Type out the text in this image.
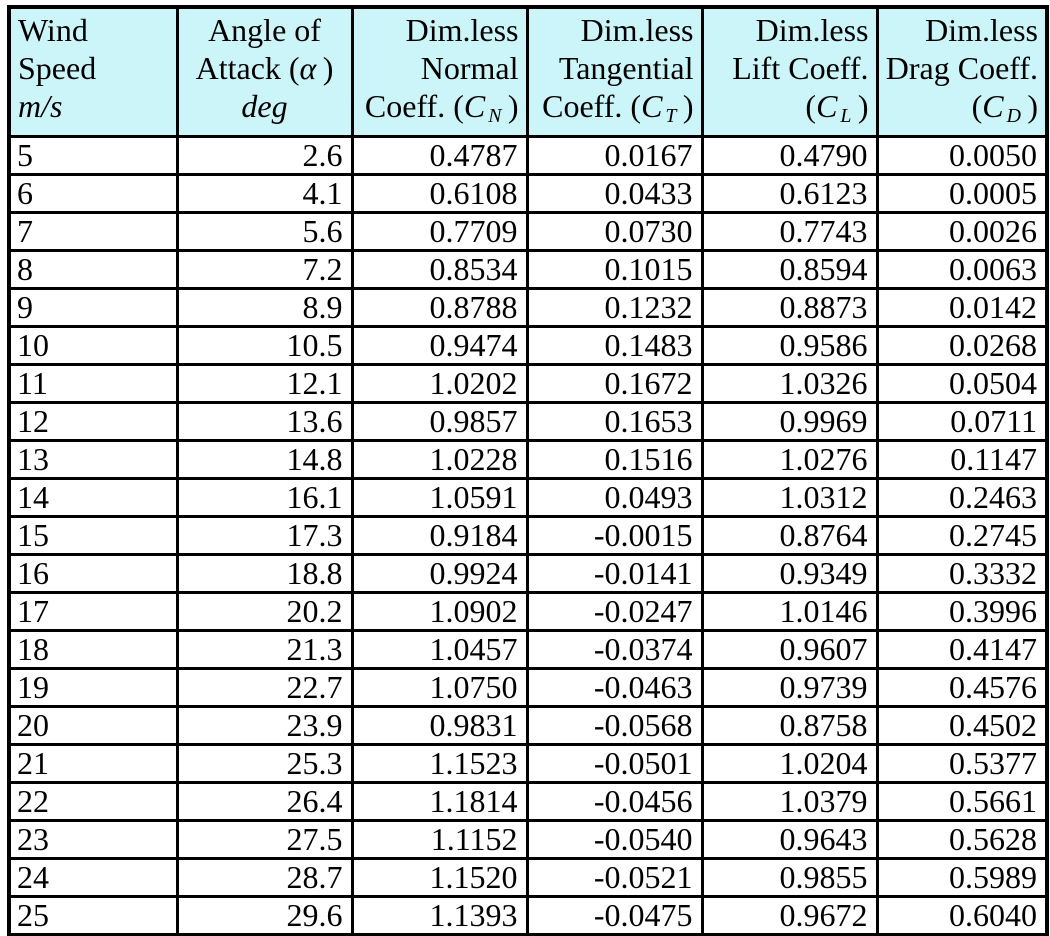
Wind
Speed
m/s

Angle of
Attack (α )
deg

Dim.less
Normal
Coeff. (C $_N$ )

Dim.less
Tangential
Coeff. (C $_T$ )

Dim.less
Lift Coeff.
(C $_L$ )

Dim.less
Drag Coeff.
(C $_D$ )

5	2.6	0.4787	0.0167	0.4790	0.0050
6	4.1	0.6108	0.0433	0.6123	0.0005
7	5.6	0.7709	0.0730	0.7743	0.0026
8	7.2	0.8534	0.1015	0.8594	0.0063
9	8.9	0.8788	0.1232	0.8873	0.0142
10	10.5	0.9474	0.1483	0.9586	0.0268
11	12.1	1.0202	0.1672	1.0326	0.0504
12	13.6	0.9857	0.1653	0.9969	0.0711
13	14.8	1.0228	0.1516	1.0276	0.1147
14	16.1	1.0591	0.0493	1.0312	0.2463
15	17.3	0.9184	-0.0015	0.8764	0.2745
16	18.8	0.9924	-0.0141	0.9349	0.3332
17	20.2	1.0902	-0.0247	1.0146	0.3996
18	21.3	1.0457	-0.0374	0.9607	0.4147
19	22.7	1.0750	-0.0463	0.9739	0.4576
20	23.9	0.9831	-0.0568	0.8758	0.4502
21	25.3	1.1523	-0.0501	1.0204	0.5377
22	26.4	1.1814	-0.0456	1.0379	0.5661
23	27.5	1.1152	-0.0540	0.9643	0.5628
24	28.7	1.1520	-0.0521	0.9855	0.5989
25	29.6	1.1393	-0.0475	0.9672	0.6040
